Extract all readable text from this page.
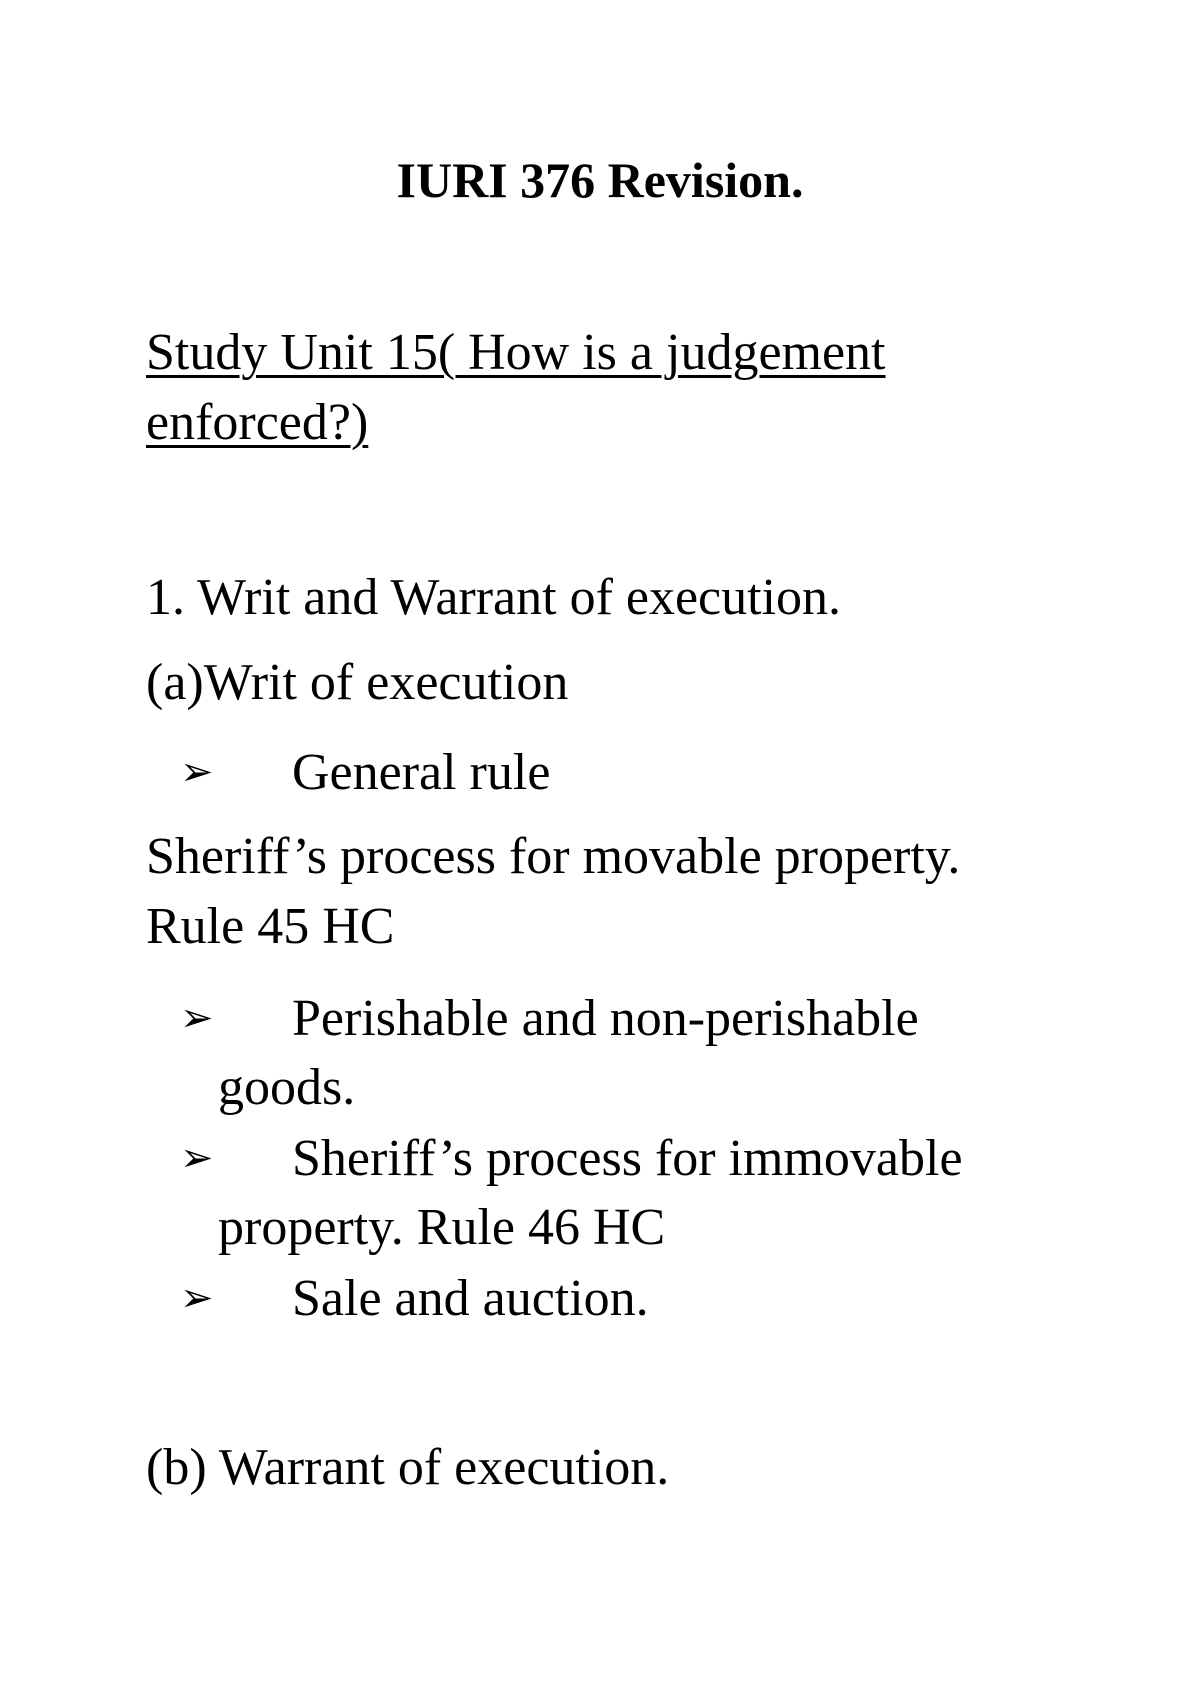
IURI 376 Revision.
Study Unit 15( How is a judgement
enforced?)
1. Writ and Warrant of execution.
(a)Writ of execution
➢ General rule
Sheriff’s process for movable property.
Rule 45 HC
➢ Perishable and non-perishable
goods.
➢ Sheriff’s process for immovable
property. Rule 46 HC
➢ Sale and auction.
(b) Warrant of execution.
